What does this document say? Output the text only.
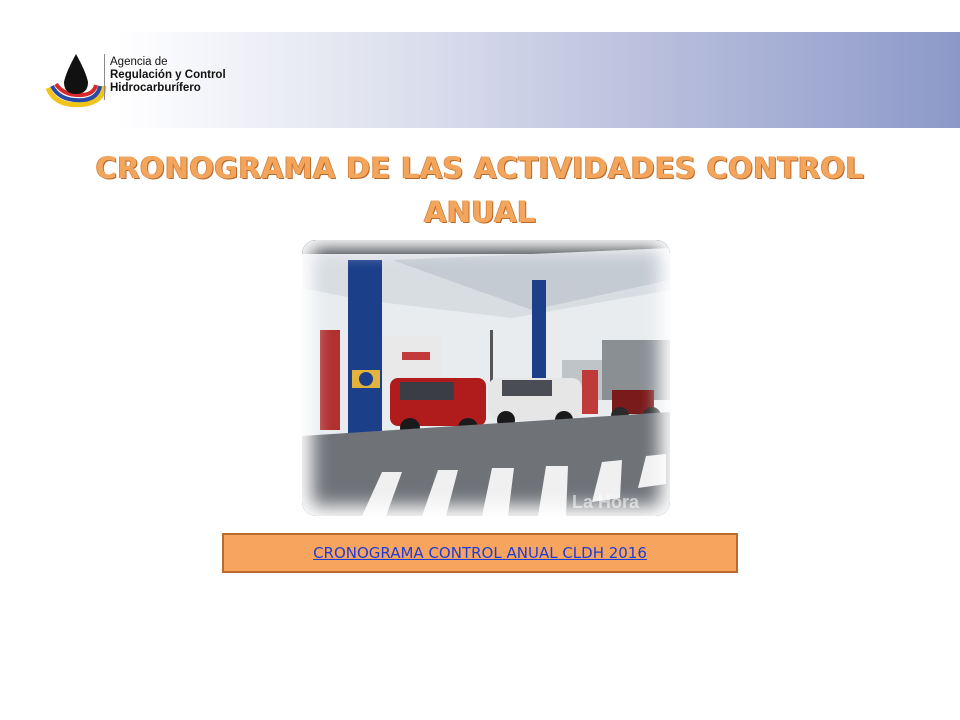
Agencia de
Regulación y Control
Hidrocarburífero
CRONOGRAMA DE LAS ACTIVIDADES CONTROL ANUAL
La Hora
CRONOGRAMA CONTROL ANUAL CLDH 2016
